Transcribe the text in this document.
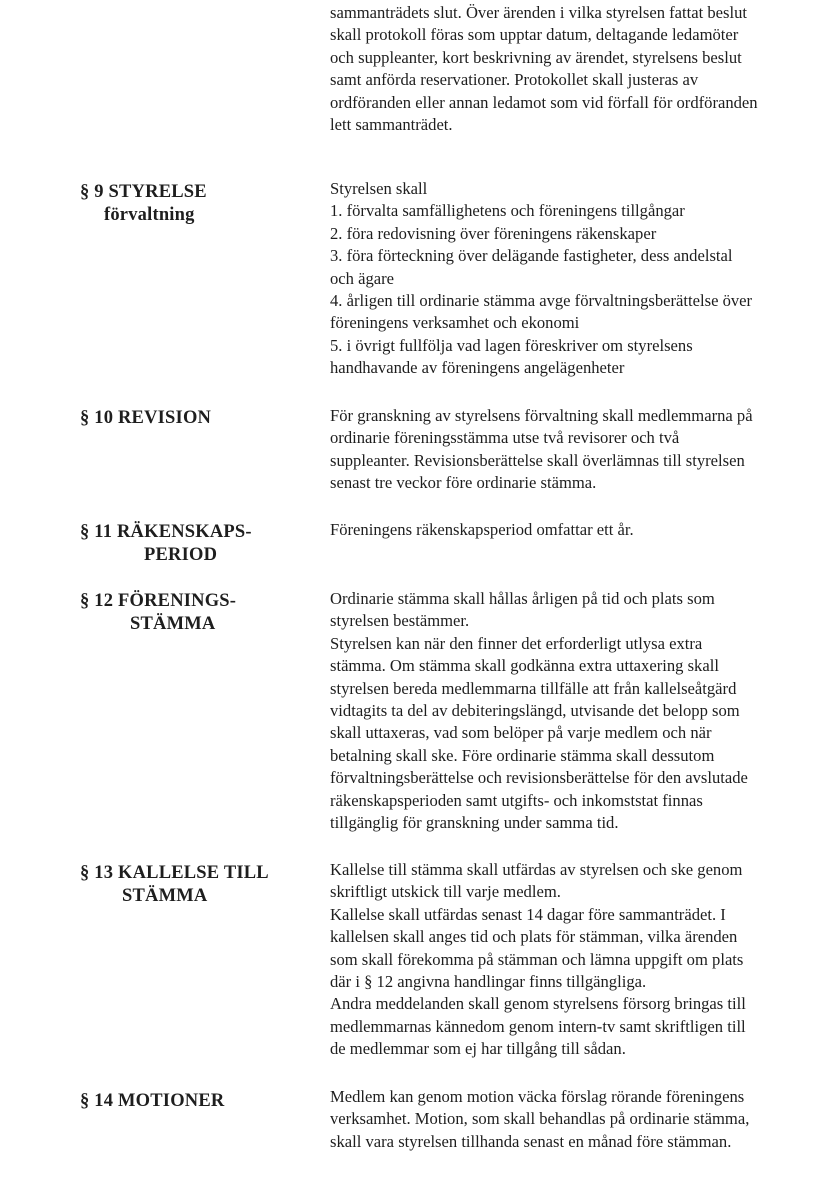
sammanträdets slut. Över ärenden i vilka styrelsen fattat beslut
skall protokoll föras som upptar datum, deltagande ledamöter
och suppleanter, kort beskrivning av ärendet, styrelsens beslut
samt anförda reservationer. Protokollet skall justeras av
ordföranden eller annan ledamot som vid förfall för ordföranden
lett sammanträdet.
§ 9 STYRELSE
förvaltning
Styrelsen skall
1. förvalta samfällighetens och föreningens tillgångar
2. föra redovisning över föreningens räkenskaper
3. föra förteckning över delägande fastigheter, dess andelstal
och ägare
4. årligen till ordinarie stämma avge förvaltningsberättelse över
föreningens verksamhet och ekonomi
5. i övrigt fullfölja vad lagen föreskriver om styrelsens
handhavande av föreningens angelägenheter
§ 10 REVISION	För granskning av styrelsens förvaltning skall medlemmarna på
ordinarie föreningsstämma utse två revisorer och två
suppleanter. Revisionsberättelse skall överlämnas till styrelsen
senast tre veckor före ordinarie stämma.
§ 11 RÄKENSKAPS-
PERIOD
Föreningens räkenskapsperiod omfattar ett år.
§ 12 FÖRENINGS-
STÄMMA
Ordinarie stämma skall hållas årligen på tid och plats som
styrelsen bestämmer.
Styrelsen kan när den finner det erforderligt utlysa extra
stämma. Om stämma skall godkänna extra uttaxering skall
styrelsen bereda medlemmarna tillfälle att från kallelseåtgärd
vidtagits ta del av debiteringslängd, utvisande det belopp som
skall uttaxeras, vad som belöper på varje medlem och när
betalning skall ske. Före ordinarie stämma skall dessutom
förvaltningsberättelse och revisionsberättelse för den avslutade
räkenskapsperioden samt utgifts- och inkomststat finnas
tillgänglig för granskning under samma tid.
§ 13 KALLELSE TILL
STÄMMA
Kallelse till stämma skall utfärdas av styrelsen och ske genom
skriftligt utskick till varje medlem.
Kallelse skall utfärdas senast 14 dagar före sammanträdet. I
kallelsen skall anges tid och plats för stämman, vilka ärenden
som skall förekomma på stämman och lämna uppgift om plats
där i § 12 angivna handlingar finns tillgängliga.
Andra meddelanden skall genom styrelsens försorg bringas till
medlemmarnas kännedom genom intern-tv samt skriftligen till
de medlemmar som ej har tillgång till sådan.
§ 14 MOTIONER	Medlem kan genom motion väcka förslag rörande föreningens
verksamhet. Motion, som skall behandlas på ordinarie stämma,
skall vara styrelsen tillhanda senast en månad före stämman.
